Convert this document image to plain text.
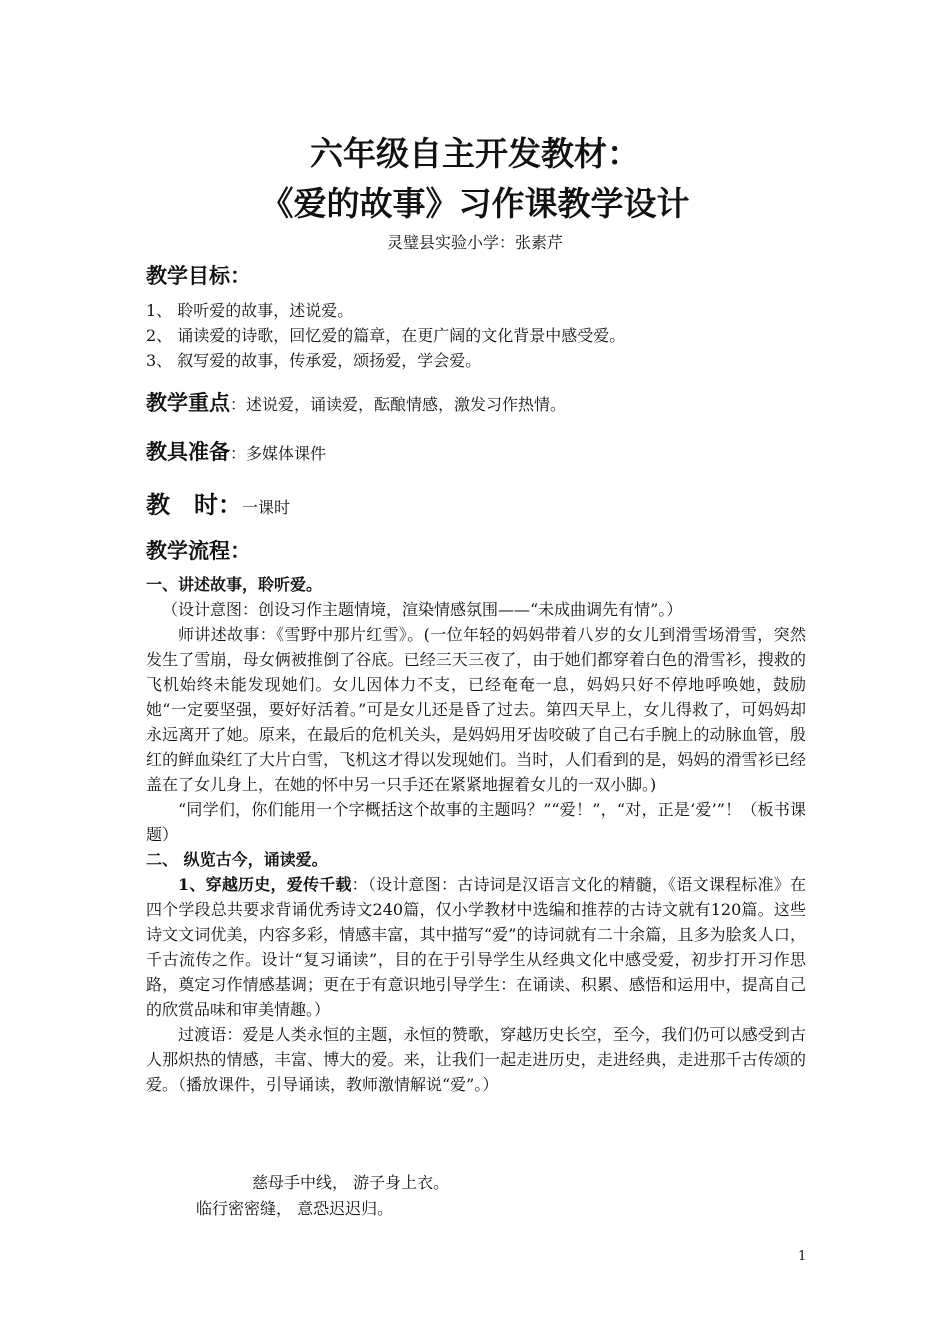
六年级自主开发教材：
《爱的故事》习作课教学设计
灵璧县实验小学：张素芹
教学目标：
1、 聆听爱的故事，述说爱。
2、 诵读爱的诗歌，回忆爱的篇章，在更广阔的文化背景中感受爱。
3、 叙写爱的故事，传承爱，颂扬爱，学会爱。
教学重点：述说爱，诵读爱，酝酿情感，激发习作热情。
教具准备：多媒体课件
教　时：一课时
教学流程：
一、讲述故事，聆听爱。
（设计意图：创设习作主题情境，渲染情感氛围——“未成曲调先有情”。）
师讲述故事：《雪野中那片红雪》。(一位年轻的妈妈带着八岁的女儿到滑雪场滑雪，突然发生了雪崩，母女俩被推倒了谷底。已经三天三夜了，由于她们都穿着白色的滑雪衫，搜救的飞机始终未能发现她们。女儿因体力不支，已经奄奄一息，妈妈只好不停地呼唤她，鼓励她“一定要坚强，要好好活着。”可是女儿还是昏了过去。第四天早上，女儿得救了，可妈妈却永远离开了她。原来，在最后的危机关头，是妈妈用牙齿咬破了自己右手腕上的动脉血管，殷红的鲜血染红了大片白雪，飞机这才得以发现她们。当时，人们看到的是，妈妈的滑雪衫已经盖在了女儿身上，在她的怀中另一只手还在紧紧地握着女儿的一双小脚。)
“同学们，你们能用一个字概括这个故事的主题吗？”“爱！”，“对，正是‘爱’”！（板书课题）
二、 纵览古今，诵读爱。
1、穿越历史，爱传千载：（设计意图：古诗词是汉语言文化的精髓，《语文课程标准》在四个学段总共要求背诵优秀诗文240篇，仅小学教材中选编和推荐的古诗文就有120篇。这些诗文文词优美，内容多彩，情感丰富，其中描写“爱”的诗词就有二十余篇，且多为脍炙人口，千古流传之作。设计“复习诵读”，目的在于引导学生从经典文化中感受爱，初步打开习作思路，奠定习作情感基调；更在于有意识地引导学生：在诵读、积累、感悟和运用中，提高自己的欣赏品味和审美情趣。）
过渡语：爱是人类永恒的主题，永恒的赞歌，穿越历史长空，至今，我们仍可以感受到古人那炽热的情感，丰富、博大的爱。来，让我们一起走进历史，走进经典，走进那千古传颂的爱。（播放课件，引导诵读，教师激情解说“爱”。）
慈母手中线， 游子身上衣。
临行密密缝， 意恐迟迟归。
1
